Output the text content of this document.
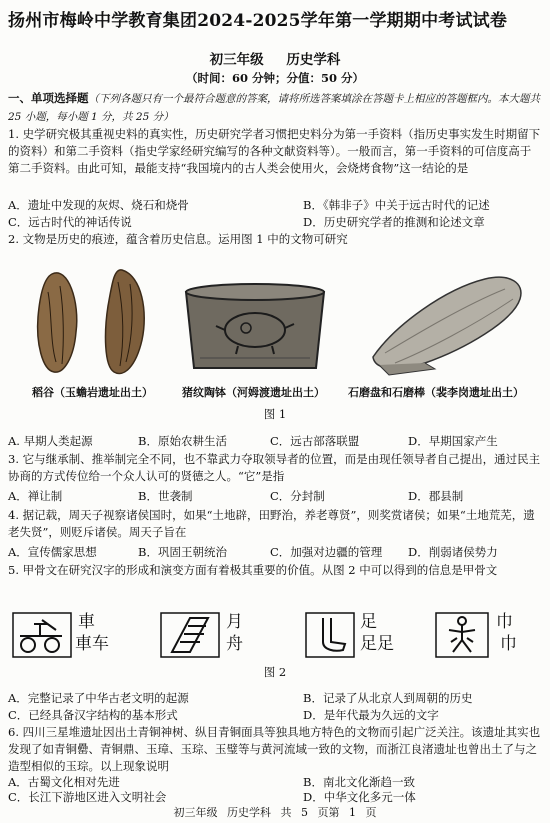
扬州市梅岭中学教育集团2024-2025学年第一学期期中考试试卷
初三年级 历史学科
（时间：60 分钟；分值：50 分）
一、单项选择题（下列各题只有一个最符合题意的答案，请将所选答案填涂在答题卡上相应的答题框内。本大题共 25 小题，每小题 1 分，共 25 分）
1. 史学研究极其重视史料的真实性，历史研究学者习惯把史料分为第一手资料（指历史事实发生时期留下的资料）和第二手资料（指史学家经研究编写的各种文献资料等）。一般而言，第一手资料的可信度高于第二手资料。由此可知，最能支持“我国境内的古人类会使用火，会烧烤食物”这一结论的是
A．遗址中发现的灰烬、烧石和烧骨	B．《韩非子》中关于远古时代的记述
C．远古时代的神话传说	D．历史研究学者的推测和论述文章
2. 文物是历史的痕迹，蕴含着历史信息。运用图 1 中的文物可研究
稻谷（玉蟾岩遗址出土）	猪纹陶钵（河姆渡遗址出土） 石磨盘和石磨棒（裴李岗遗址出土）
图 1
A. 早期人类起源	B．原始农耕生活	C．远古部落联盟	D．早期国家产生
3. 它与继承制、推举制完全不同，也不靠武力夺取领导者的位置，而是由现任领导者自己提出，通过民主协商的方式传位给一个众人认可的贤德之人。“它”是指
A．禅让制	B．世袭制	C．分封制	D．郡县制
4. 据记载，周天子视察诸侯国时，如果“土地辟，田野治，养老尊贤”，则奖赏诸侯；如果“土地荒芜，遗老失贤”，则贬斥诸侯。周天子旨在
A．宣传儒家思想	B．巩固王朝统治	C．加强对边疆的管理 D．削弱诸侯势力
5. 甲骨文在研究汉字的形成和演变方面有着极其重要的价值。从图 2 中可以得到的信息是甲骨文
車
車车
月
舟
足
足足
巾
巾
图 2
A．完整记录了中华古老文明的起源	B．记录了从北京人到周朝的历史
C．已经具备汉字结构的基本形式	D．是年代最为久远的文字
6. 四川三星堆遗址因出土青铜神树、纵目青铜面具等独具地方特色的文物而引起广泛关注。该遗址其实也发现了如青铜罍、青铜鼎、玉璋、玉琮、玉璧等与黄河流域一致的文物，而浙江良渚遗址也曾出土了与之造型相似的玉琮。以上现象说明
A．古蜀文化相对先进	B．南北文化渐趋一致
C．长江下游地区进入文明社会	D．中华文化多元一体
初三年级 历史学科 共 5 页第 1 页
